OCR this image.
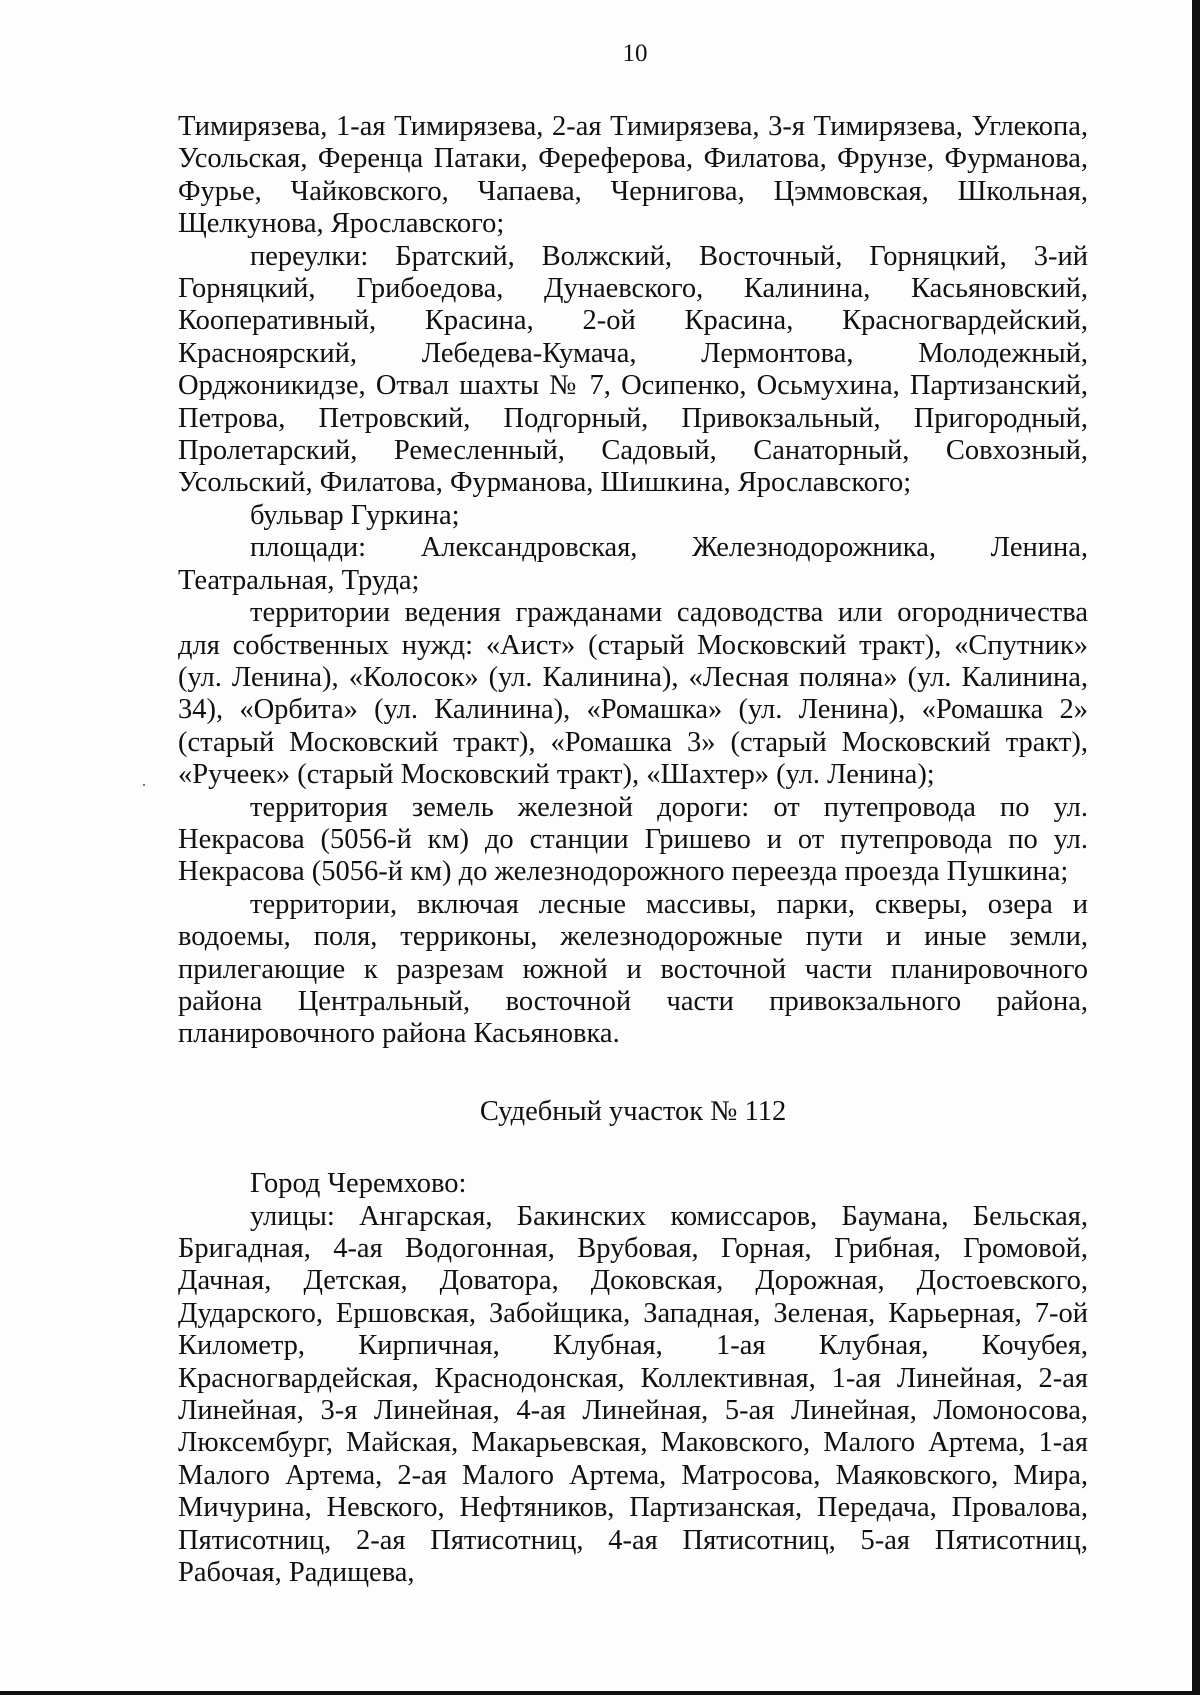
10

Тимирязева, 1-ая Тимирязева, 2-ая Тимирязева, 3-я Тимирязева, Углекопа, Усольская, Ференца Патаки, Фереферова, Филатова, Фрунзе, Фурманова, Фурье, Чайковского, Чапаева, Чернигова, Цэммовская, Школьная, Щелкунова, Ярославского;

переулки: Братский, Волжский, Восточный, Горняцкий, 3-ий Горняцкий, Грибоедова, Дунаевского, Калинина, Касьяновский, Кооперативный, Красина, 2-ой Красина, Красногвардейский, Красноярский, Лебедева-Кумача, Лермонтова, Молодежный, Орджоникидзе, Отвал шахты № 7, Осипенко, Осьмухина, Партизанский, Петрова, Петровский, Подгорный, Привокзальный, Пригородный, Пролетарский, Ремесленный, Садовый, Санаторный, Совхозный, Усольский, Филатова, Фурманова, Шишкина, Ярославского;

бульвар Гуркина;

площади: Александровская, Железнодорожника, Ленина, Театральная, Труда;

территории ведения гражданами садоводства или огородничества для собственных нужд: «Аист» (старый Московский тракт), «Спутник» (ул. Ленина), «Колосок» (ул. Калинина), «Лесная поляна» (ул. Калинина, 34), «Орбита» (ул. Калинина), «Ромашка» (ул. Ленина), «Ромашка 2» (старый Московский тракт), «Ромашка 3» (старый Московский тракт), «Ручеек» (старый Московский тракт), «Шахтер» (ул. Ленина);

территория земель железной дороги: от путепровода по ул. Некрасова (5056-й км) до станции Гришево и от путепровода по ул. Некрасова (5056-й км) до железнодорожного переезда проезда Пушкина;

территории, включая лесные массивы, парки, скверы, озера и водоемы, поля, терриконы, железнодорожные пути и иные земли, прилегающие к разрезам южной и восточной части планировочного района Центральный, восточной части привокзального района, планировочного района Касьяновка.

Судебный участок № 112

Город Черемхово:

улицы: Ангарская, Бакинских комиссаров, Баумана, Бельская, Бригадная, 4-ая Водогонная, Врубовая, Горная, Грибная, Громовой, Дачная, Детская, Доватора, Доковская, Дорожная, Достоевского, Дударского, Ершовская, Забойщика, Западная, Зеленая, Карьерная, 7-ой Километр, Кирпичная, Клубная, 1-ая Клубная, Кочубея, Красногвардейская, Краснодонская, Коллективная, 1-ая Линейная, 2-ая Линейная, 3-я Линейная, 4-ая Линейная, 5-ая Линейная, Ломоносова, Люксембург, Майская, Макарьевская, Маковского, Малого Артема, 1-ая Малого Артема, 2-ая Малого Артема, Матросова, Маяковского, Мира, Мичурина, Невского, Нефтяников, Партизанская, Передача, Провалова, Пятисотниц, 2-ая Пятисотниц, 4-ая Пятисотниц, 5-ая Пятисотниц, Рабочая, Радищева,
